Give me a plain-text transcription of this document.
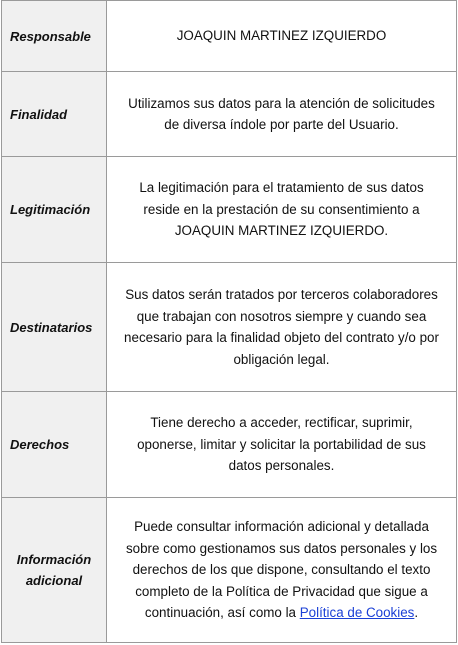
Responsable	JOAQUIN MARTINEZ IZQUIERDO
Finalidad	Utilizamos sus datos para la atención de solicitudes de diversa índole por parte del Usuario.
Legitimación	La legitimación para el tratamiento de sus datos reside en la prestación de su consentimiento a JOAQUIN MARTINEZ IZQUIERDO.
Destinatarios	Sus datos serán tratados por terceros colaboradores que trabajan con nosotros siempre y cuando sea necesario para la finalidad objeto del contrato y/o por obligación legal.
Derechos	Tiene derecho a acceder, rectificar, suprimir, oponerse, limitar y solicitar la portabilidad de sus datos personales.
Información adicional	Puede consultar información adicional y detallada sobre como gestionamos sus datos personales y los derechos de los que dispone, consultando el texto completo de la Política de Privacidad que sigue a continuación, así como la Política de Cookies.
